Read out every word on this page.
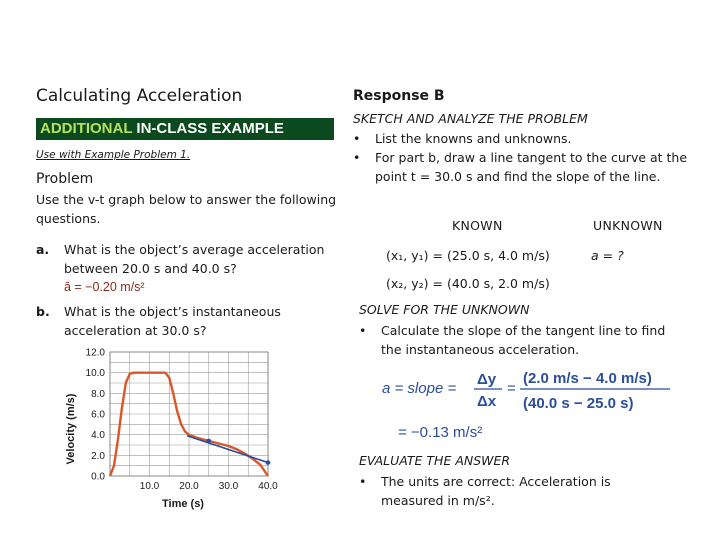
Calculating Acceleration
ADDITIONAL IN-CLASS EXAMPLE
Use with Example Problem 1.
Problem
Use the v-t graph below to answer the following questions.
a. What is the object’s average acceleration
between 20.0 s and 40.0 s?
ā = −0.20 m/s²
b. What is the object’s instantaneous
acceleration at 30.0 s?
0.0
2.0
4.0
6.0
8.0
10.0
12.0
10.0 20.0 30.0 40.0
Velocity (m/s)
Time (s)
Response B
SKETCH AND ANALYZE THE PROBLEM
• List the knowns and unknowns.
• For part b, draw a line tangent to the curve at the
point t = 30.0 s and find the slope of the line.
KNOWN	UNKNOWN
(x₁, y₁) = (25.0 s, 4.0 m/s)	a = ?
(x₂, y₂) = (40.0 s, 2.0 m/s)
SOLVE FOR THE UNKNOWN
• Calculate the slope of the tangent line to find
the instantaneous acceleration.
a = slope =
Δy
Δx
=
(2.0 m/s − 4.0 m/s)
(40.0 s − 25.0 s)
= −0.13 m/s²
EVALUATE THE ANSWER
• The units are correct: Acceleration is
measured in m/s².
